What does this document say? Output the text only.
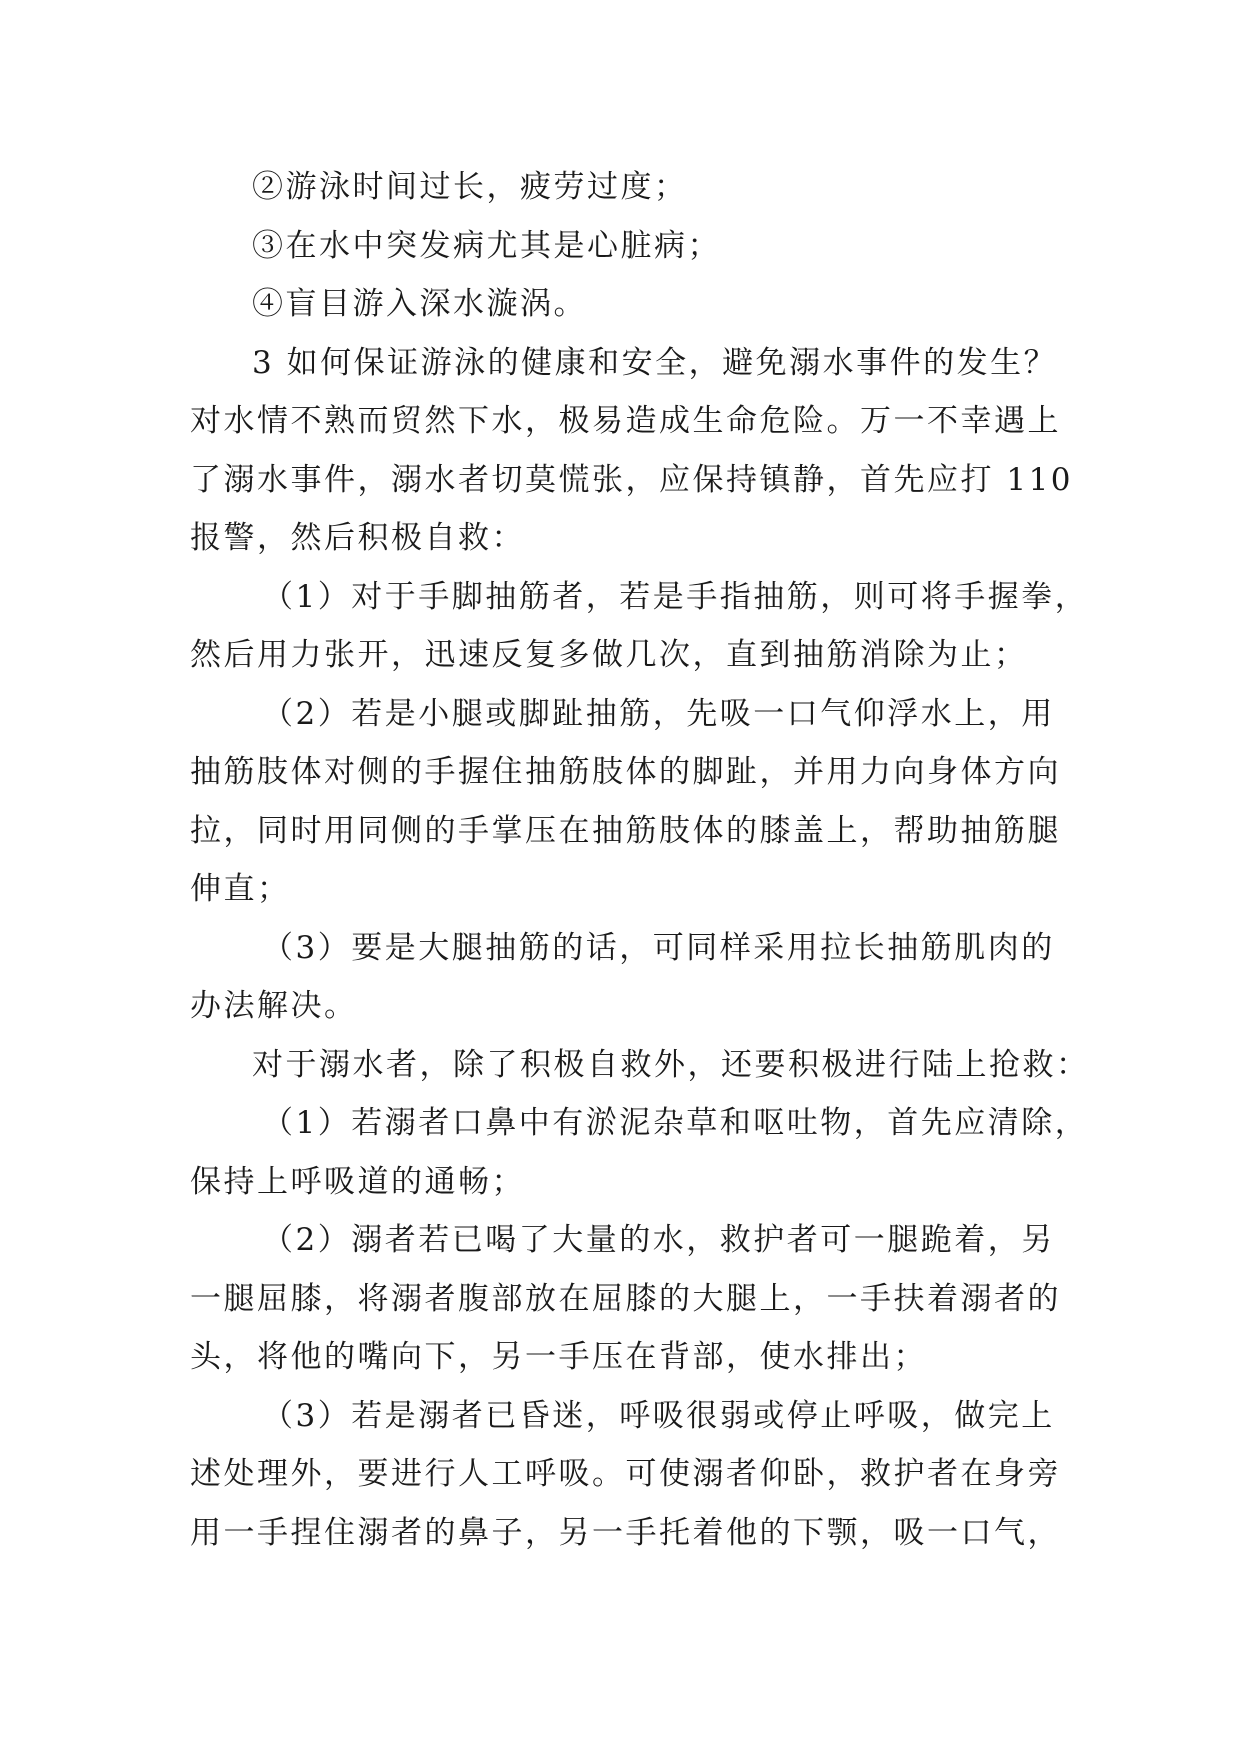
②游泳时间过长，疲劳过度；

③在水中突发病尤其是心脏病；

④盲目游入深水漩涡。

3 如何保证游泳的健康和安全，避免溺水事件的发生？

对水情不熟而贸然下水，极易造成生命危险。万一不幸遇上
了溺水事件，溺水者切莫慌张，应保持镇静，首先应打 110
报警，然后积极自救：

（1）对于手脚抽筋者，若是手指抽筋，则可将手握拳，

然后用力张开，迅速反复多做几次，直到抽筋消除为止；

（2）若是小腿或脚趾抽筋，先吸一口气仰浮水上，用

抽筋肢体对侧的手握住抽筋肢体的脚趾，并用力向身体方向
拉，同时用同侧的手掌压在抽筋肢体的膝盖上，帮助抽筋腿
伸直；

（3）要是大腿抽筋的话，可同样采用拉长抽筋肌肉的

办法解决。

对于溺水者，除了积极自救外，还要积极进行陆上抢救：

（1）若溺者口鼻中有淤泥杂草和呕吐物，首先应清除，

保持上呼吸道的通畅；

（2）溺者若已喝了大量的水，救护者可一腿跪着，另

一腿屈膝，将溺者腹部放在屈膝的大腿上，一手扶着溺者的
头，将他的嘴向下，另一手压在背部，使水排出；

（3）若是溺者已昏迷，呼吸很弱或停止呼吸，做完上

述处理外，要进行人工呼吸。可使溺者仰卧，救护者在身旁
用一手捏住溺者的鼻子，另一手托着他的下颚，吸一口气，
